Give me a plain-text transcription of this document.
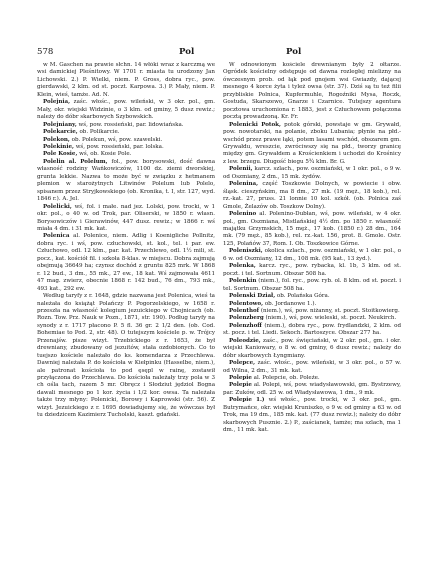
578	Pol	Pol

w M. Gaschen na prawie słchn. 14 włóki wraz z karczmą we wsi damickiej Pleśnitowy. W 1701 r. miasta tu urodzony Jan Lichowski. 2.) P. Wielki, niem. P. Gross, dobra ryc., pow. gierdawski, 2 klm. od st. poczt. Karpowa. 3.) P. Mały, niem. P. Klein, wieś, tamże. Ad. N.

Polejnia, zaśc. włośc., pow. wileński, w 3 okr. pol., gm. Mały, okr. wiejski Widzinie, o 3 klm. od gminy, 5 dusz rewiz.; należy do dóbr skarbowych Szybowskich.

Polejniany, wś, pow. rossieński, par. lidowiańska.

Polekarcie, ob. Polikarcie.

Polekon, ob. Polekun, wś, pow. szawelski.

Polekinie, wś, pow. rossieński, par. lolska.

Pole Kosie, wś, ob. Kosie Pole.

Polelin al. Polelum, fol., pow. borysowski, dość dawna własność rodziny Wańkowiczów, 1100 dz. ziemi dworskiej, grunta lekkie. Nazwa to może być w związku z hetmanem plemion w starożytnych Litwinów Polelum lub Polelo, spisanem przez Stryjkowskiego (ob. Kronika, t. I, str. 127, wyd. 1846 r.). A. Jel.

Polelicki, wś, fol. i małe. nad jez. Lolski, pow. trocki, w 1 okr. pol., o 40 w. od Trok, par. Oliserski, w 1850 r. własn. Borysowiczów i Gierawinów, 447 dusz. rewiz.; w 1866 r. wś miała 4 dm. i 31 mk. kat.

Polenica al. Polenice, niem. Adlig i Koenigliche Pollnitz, dobra ryc. i wś, pow. człuchowski, st. kol., tel. i par. ew. Człuchowo, odl. 12 klm., par. kat. Przechlewo, odl. 1½ mili, st. pocz., kat. kościół fil. i szkoła 8-klas. w miejscu. Dobra zajmują obejmują 36649 ha; czynsz dochód z gruntu 825 mrk. W 1868 r. 12 bud., 3 dm., 55 mk., 27 ew., 18 kat. Wś zajmowała 4611 47 mag. zwierz, obecnie 1868 r. 142 bud., 76 dm., 793 mk., 493 kat., 292 ew.

Według taryfy z r. 1648, gdzie nazwana jest Polenica, wieś ta należała do książąt Polańczy P. Pogorzelskiego, w 1658 r. przeszła na własność kolegium jezuickiego w Chojnicach (ob. Rozn. Tow. Prz. Nauk w Pozn., 1871, str. 190). Podług taryfy na synody z r. 1717 płacono P. 5 fl. 36 gr. 2 1/2 den. (ob. Cod. Bohemiae to Pod. 2, str. 48). O tutejszym kościele p. w. Trójcy Przenajśw. pisze wizyt. Trzebickiego z r. 1653, że był drewniany, zbudowany od jezuitów, stała ozdobionych. Co to tuejszo kościele należało do ks. komendarza z Przechlewa. Dawniej należała P. do kościoła w Kiełpinku (Hasselbe, niem.), ale patronat kościoła to pod ęsępl w rainę, zostawił przyłączona do Przechlewa. Do kościoła należały trzy pola w 3 ch ośla tach, razem 5 mr. Obręcz i Słodziut jędziol Bogna dawali mesnego po 1 kor. życia i 1/2 kor. owsa. Ta należała także trzy młyny: Polenicki, Borowy i Kaprowski (str. 56). Z wizyt. Jezuickiego z r. 1695 dowiadujemy się, że wówczas był tu dziedzicem Kazimierz Tucholski, kaszt. gdański.

W odnowionym kościele drewnianym były 2 ołtarze. Ogródek kościelny odstępuje od dawna rozległej mielizny na ówczesnym prob. od łąk pod gnojem wsi Gwiazdy, dającej mesnego 4 korce żyta i tyleż owsa (str. 37). Dziś są tu też filii przybliskie Polnica, Kupfermuhle, Rogoźniki Mysa, Roczk, Gostuda, Skarszewo, Gnarze i Czarnice. Tutejszy agentura pocztowa uruchomiona r. 1883, jest z Człuchowem połączona pocztą prowadzoną. Kr. Fr.

Polenicki Potok, potok górski, powstaje w gm. Grywałd, pow. nowotarski, na polanie, zboku Lubania; płynie na płd.-wschód przez prawe łąki, potem lasami wschód, obszarem gm. Grywałdu, wreszcie, zwróciwszy się na płd., tworzy granicę między gm. Grywałdem a Krościenkiem i uchodzi do Krośnicy z lew. brzegu. Długość biegu 5¾ klm. Br. G.

Polenii, karcz. szlach., pow. oszmiański, w 1 okr. pol., o 9 w. od Oszmiany, 2 dm., 15 mk. żydów.

Polenina, część Toszkowie Dolnych, w powiecie i obw. śląsk. cieszyńskim, ma 8 dm., 27 mk. (19 męż., 18 kob.), rel. rz.-kat. 27, pruss. 21 lonnie 10 kol. szkół. (ob. Polnica zaś Gmole, Żelazów ob. Toszkow Dolny).

Polenino al. Polenino-Dubłan, wś, pow. wileński, w 4 okr. pol., gm. Oszmiana, Mistlańskiej 4½ dm. po 1850 r. własność majątku Grzymskich, 15 męż., 17 kob. (1850 r.) 28 dm., 164 mk. (79 męż., 85 kob.), rel. rz.-kat. 156, prot. 8. Gmole. Ostr. 125, Polańów 37, Rom. I. Ob. Toszkowice Górne.

Poleniszki, okolica szlach., pow. oszmiański, w 1 okr. pol., o 6 w. od Oszmiany, 12 dm., 108 mk. (95 kat., 13 żyd.).

Polenka, karcz. ryc., pow. rybacka, kl. 1b, 3 klm. od st. poczt. i tel. Sortnum. Obszar 508 ha.

Polenkin (niem.), fol. ryc., pow. ryb. ol. 8 klm. od st. poczt. i tel. Sortnum. Obszar 508 ha.

Polenski Dział, ob. Polańska Góra.

Polentowo, ob. Jordanowe 1.).

Polenthof (niem.), wś, pow. niżanny, st. poczt. Stoitkowierg.

Polenzberg (niem.), wś, pow. wieleski, st. poczt. Neukirch.

Polenzhoff (niem.), dobra ryc., pow. frydlandzki, 2 klm. od st. pocz. i tel. Liedi. Sekoch. Bartoszyce. Obszar 277 ha.

Poleodzie, zaśc., pow. święciański, w 2 okr. pol., gm. i okr. wiejski Kaniowary, o 8 w. od gminy, 6 dusz rewiz.; należy do dóbr skarbowych Łyngmiany.

Polepce, zaśc. włośc., pow. wileński, w 3 okr. pol., o 57 w. od Wilna, 2 dm., 31 mk. kat.

Polepie al. Polepcie, ob. Poleże.

Polepie al. Polepi, wś, pow. wiadysławowski, gm. Bystrzewy, par. Zuków, odl. 25 w. od Władysławowa, 1 dm., 9 mk.

Polepie 1.) wś włośc., pow. trocki, w 3 okr. pol., gm. Butrymańce, okr. wiejski Kruniszko, o 9 w. od gminy a 63 w. od Trok, ma 19 dm., 185 mk. kat. (77 dusz rewiz.); należy do dóbr skarbowych Pusznie. 2.) P., zaścianek, tamże; ma szlach, ma 1 dm., 11 mk. kat.
